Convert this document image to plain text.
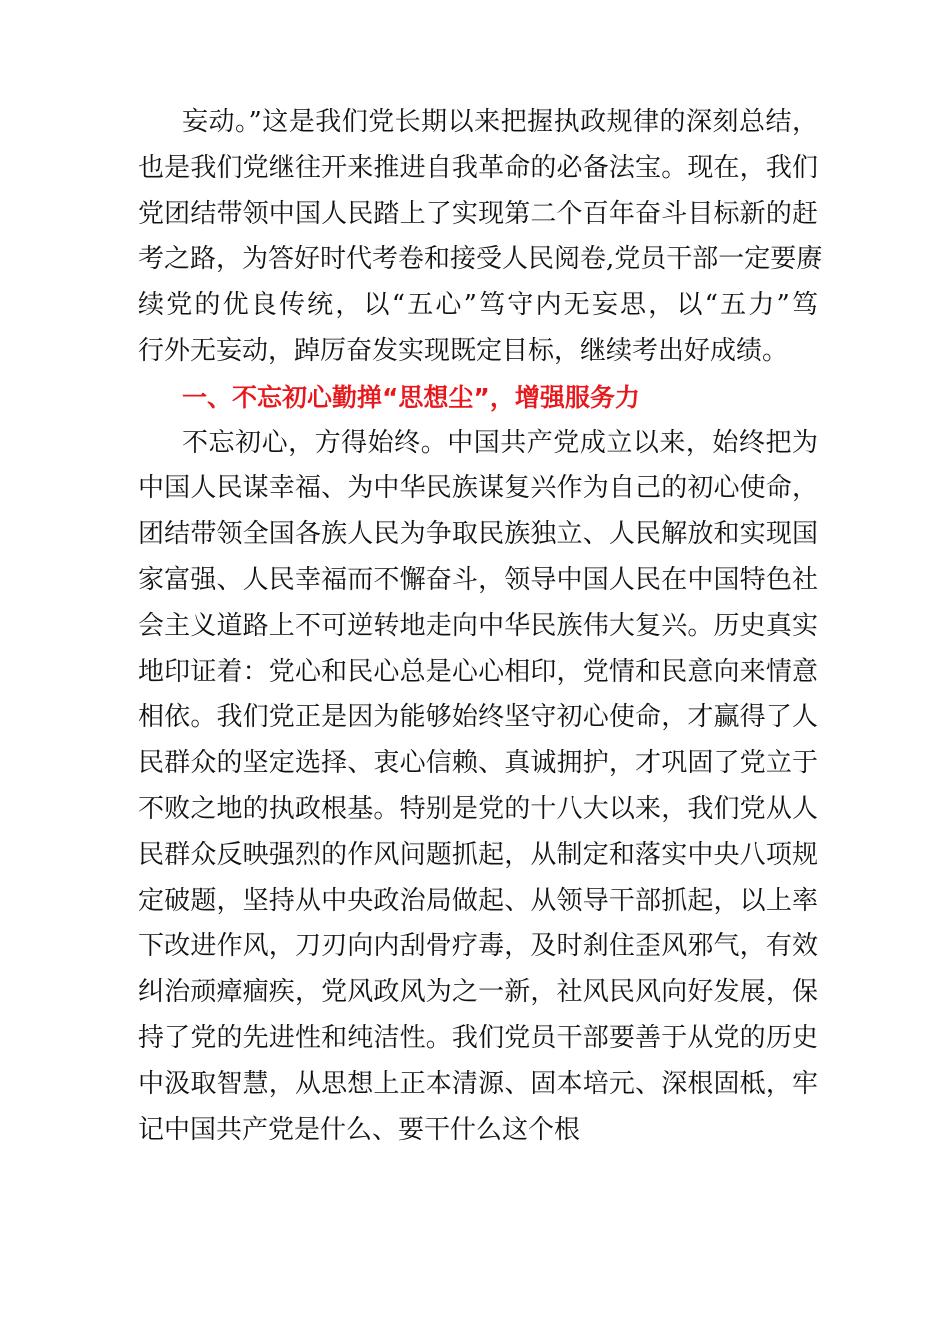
妄动。”这是我们党长期以来把握执政规律的深刻总结，
也是我们党继往开来推进自我革命的必备法宝。现在，我们
党团结带领中国人民踏上了实现第二个百年奋斗目标新的赶
考之路，为答好时代考卷和接受人民阅卷,党员干部一定要赓
续党的优良传统，以“五心”笃守内无妄思，以“五力”笃
行外无妄动，踔厉奋发实现既定目标，继续考出好成绩。
一、不忘初心勤掸“思想尘”，增强服务力
不忘初心，方得始终。中国共产党成立以来，始终把为
中国人民谋幸福、为中华民族谋复兴作为自己的初心使命，
团结带领全国各族人民为争取民族独立、人民解放和实现国
家富强、人民幸福而不懈奋斗，领导中国人民在中国特色社
会主义道路上不可逆转地走向中华民族伟大复兴。历史真实
地印证着：党心和民心总是心心相印，党情和民意向来情意
相依。我们党正是因为能够始终坚守初心使命，才赢得了人
民群众的坚定选择、衷心信赖、真诚拥护，才巩固了党立于
不败之地的执政根基。特别是党的十八大以来，我们党从人
民群众反映强烈的作风问题抓起，从制定和落实中央八项规
定破题，坚持从中央政治局做起、从领导干部抓起，以上率
下改进作风，刀刃向内刮骨疗毒，及时刹住歪风邪气，有效
纠治顽瘴痼疾，党风政风为之一新，社风民风向好发展，保
持了党的先进性和纯洁性。我们党员干部要善于从党的历史
中汲取智慧，从思想上正本清源、固本培元、深根固柢，牢
记中国共产党是什么、要干什么这个根
